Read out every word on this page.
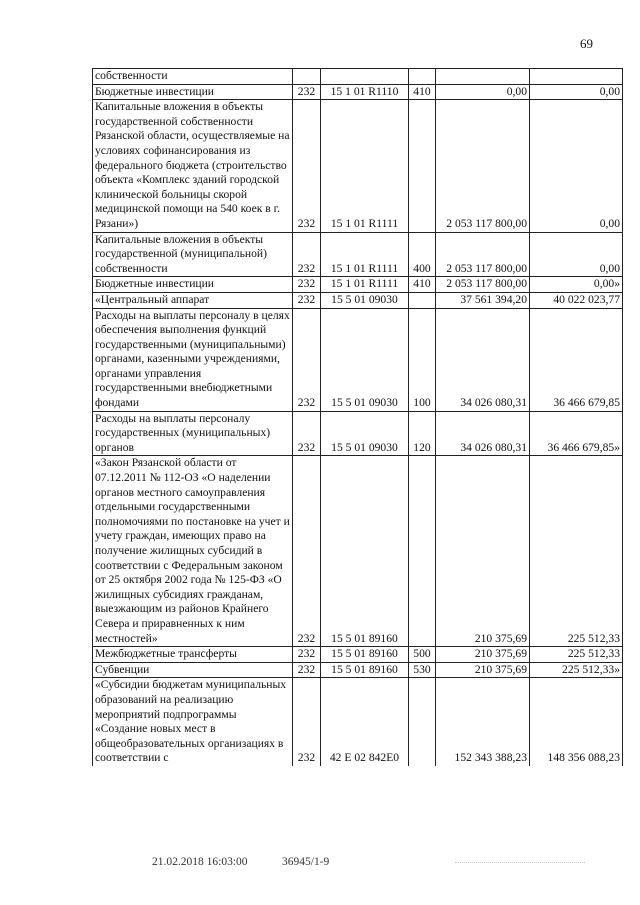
69
собственности					
Бюджетные инвестиции	232	15 1 01 R1110	410	0,00	0,00
Капитальные вложения в объекты государственной собственности Рязанской области, осуществляемые на условиях софинансирования из федерального бюджета (строительство объекта «Комплекс зданий городской клинической больницы скорой медицинской помощи на 540 коек в г. Рязани»)	232	15 1 01 R1111		2 053 117 800,00	0,00
Капитальные вложения в объекты государственной (муниципальной) собственности	232	15 1 01 R1111	400	2 053 117 800,00	0,00
Бюджетные инвестиции	232	15 1 01 R1111	410	2 053 117 800,00	0,00»
«Центральный аппарат	232	15 5 01 09030		37 561 394,20	40 022 023,77
Расходы на выплаты персоналу в целях обеспечения выполнения функций государственными (муниципальными) органами, казенными учреждениями, органами управления государственными внебюджетными фондами	232	15 5 01 09030	100	34 026 080,31	36 466 679,85
Расходы на выплаты персоналу государственных (муниципальных) органов	232	15 5 01 09030	120	34 026 080,31	36 466 679,85»
«Закон Рязанской области от 07.12.2011 № 112-ОЗ «О наделении органов местного самоуправления отдельными государственными полномочиями по постановке на учет и учету граждан, имеющих право на получение жилищных субсидий в соответствии с Федеральным законом от 25 октября 2002 года № 125-ФЗ «О жилищных субсидиях гражданам, выезжающим из районов Крайнего Севера и приравненных к ним местностей»	232	15 5 01 89160		210 375,69	225 512,33
Межбюджетные трансферты	232	15 5 01 89160	500	210 375,69	225 512,33
Субвенции	232	15 5 01 89160	530	210 375,69	225 512,33»
«Субсидии бюджетам муниципальных образований на реализацию мероприятий подпрограммы «Создание новых мест в общеобразовательных организациях в соответствии с	232	42 E 02 842E0		152 343 388,23	148 356 088,23
21.02.2018 16:03:00	36945/1-9
